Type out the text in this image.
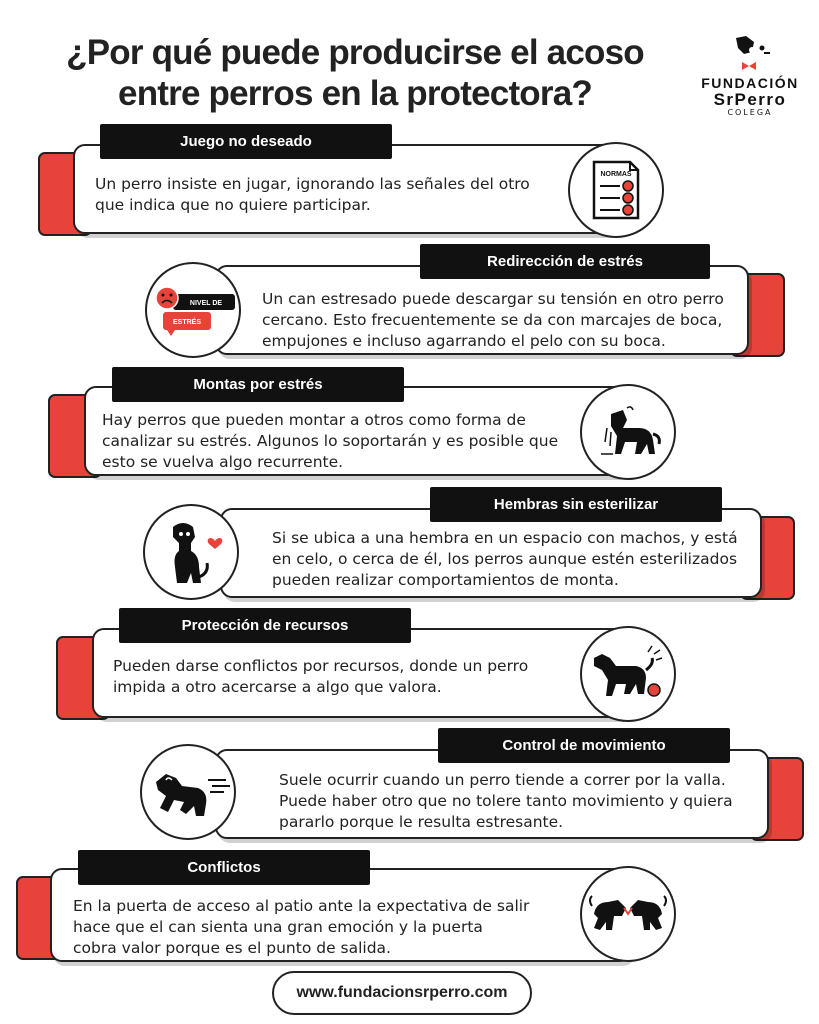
¿Por qué puede producirse el acoso
entre perros en la protectora?	FUNDACIÓN
SrPerro
COLEGA
Juego no deseado
Un perro insiste en jugar, ignorando las señales del otro
que indica que no quiere participar.
NORMAS
Redirección de estrés
Un can estresado puede descargar su tensión en otro perro
cercano. Esto frecuentemente se da con marcajes de boca,
empujones e incluso agarrando el pelo con su boca.
NIVEL DE
ESTRÉS
Montas por estrés
Hay perros que pueden montar a otros como forma de
canalizar su estrés. Algunos lo soportarán y es posible que
esto se vuelva algo recurrente.
Hembras sin esterilizar
Si se ubica a una hembra en un espacio con machos, y está
en celo, o cerca de él, los perros aunque estén esterilizados
pueden realizar comportamientos de monta.
Protección de recursos
Pueden darse conflictos por recursos, donde un perro
impida a otro acercarse a algo que valora.
Control de movimiento
Suele ocurrir cuando un perro tiende a correr por la valla.
Puede haber otro que no tolere tanto movimiento y quiera
pararlo porque le resulta estresante.
Conflictos
En la puerta de acceso al patio ante la expectativa de salir
hace que el can sienta una gran emoción y la puerta
cobra valor porque es el punto de salida.
www.fundacionsrperro.com
